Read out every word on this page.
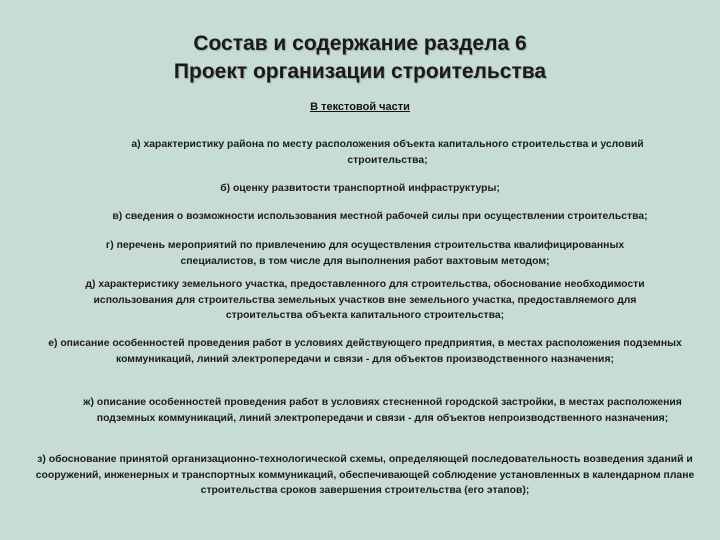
Состав и содержание раздела 6
Проект организации строительства
В текстовой части
а) характеристику района по месту расположения объекта капитального строительства и условий строительства;
б) оценку развитости транспортной инфраструктуры;
в) сведения о возможности использования местной рабочей силы при осуществлении строительства;
г) перечень мероприятий по привлечению для осуществления строительства квалифицированных специалистов, в том числе для выполнения работ вахтовым методом;
д) характеристику земельного участка, предоставленного для строительства, обоснование необходимости использования для строительства земельных участков вне земельного участка, предоставляемого для строительства объекта капитального строительства;
е) описание особенностей проведения работ в условиях действующего предприятия, в местах расположения подземных коммуникаций, линий электропередачи и связи - для объектов производственного назначения;
ж) описание особенностей проведения работ в условиях стесненной городской застройки, в местах расположения подземных коммуникаций, линий электропередачи и связи - для объектов непроизводственного назначения;
з) обоснование принятой организационно-технологической схемы, определяющей последовательность возведения зданий и сооружений, инженерных и транспортных коммуникаций, обеспечивающей соблюдение установленных в календарном плане строительства сроков завершения строительства (его этапов);
